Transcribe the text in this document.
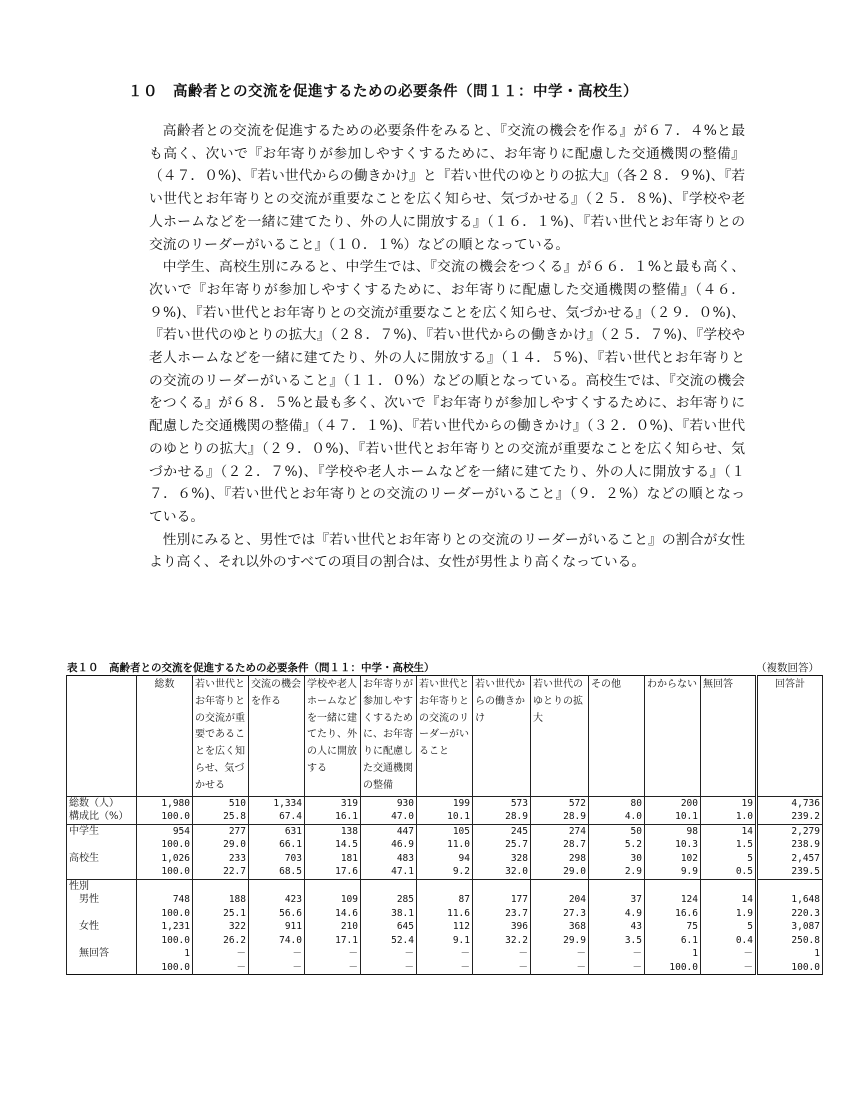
１０　高齢者との交流を促進するための必要条件（問１１：中学・高校生）

高齢者との交流を促進するための必要条件をみると、『交流の機会を作る』が６７．４%と最も高く、次いで『お年寄りが参加しやすくするために、お年寄りに配慮した交通機関の整備』（４７．０%)、『若い世代からの働きかけ』と『若い世代のゆとりの拡大』（各２８．９%)、『若い世代とお年寄りとの交流が重要なことを広く知らせ、気づかせる』（２５．８%)、『学校や老人ホームなどを一緒に建てたり、外の人に開放する』（１６．１%)、『若い世代とお年寄りとの交流のリーダーがいること』（１０．１%）などの順となっている。

中学生、高校生別にみると、中学生では、『交流の機会をつくる』が６６．１%と最も高く、次いで『お年寄りが参加しやすくするために、お年寄りに配慮した交通機関の整備』（４６．９%)、『若い世代とお年寄りとの交流が重要なことを広く知らせ、気づかせる』（２９．０%)、『若い世代のゆとりの拡大』（２８．７%)、『若い世代からの働きかけ』（２５．７%)、『学校や老人ホームなどを一緒に建てたり、外の人に開放する』（１４．５%)、『若い世代とお年寄りとの交流のリーダーがいること』（１１．０%）などの順となっている。高校生では、『交流の機会をつくる』が６８．５%と最も多く、次いで『お年寄りが参加しやすくするために、お年寄りに配慮した交通機関の整備』（４７．１%)、『若い世代からの働きかけ』（３２．０%)、『若い世代のゆとりの拡大』（２９．０%)、『若い世代とお年寄りとの交流が重要なことを広く知らせ、気づかせる』（２２．７%)、『学校や老人ホームなどを一緒に建てたり、外の人に開放する』（１７．６%)、『若い世代とお年寄りとの交流のリーダーがいること』（９．２%）などの順となっている。

性別にみると、男性では『若い世代とお年寄りとの交流のリーダーがいること』の割合が女性より高く、それ以外のすべての項目の割合は、女性が男性より高くなっている。

表１０　高齢者との交流を促進するための必要条件（問１１：中学・高校生）	（複数回答）
	総数	若い世代とお年寄りとの交流が重要であることを広く知らせ、気づかせる	交流の機会を作る	学校や老人ホームなどを一緒に建てたり、外の人に開放する	お年寄りが参加しやすくするために、お年寄りに配慮した交通機関の整備	若い世代とお年寄りとの交流のリーダーがいること	若い世代からの働きかけ	若い世代のゆとりの拡大	その他	わからない	無回答	回答計
総数（人）	1,980	510	1,334	319	930	199	573	572	80	200	19	4,736
構成比（%）	100.0	25.8	67.4	16.1	47.0	10.1	28.9	28.9	4.0	10.1	1.0	239.2
中学生	954	277	631	138	447	105	245	274	50	98	14	2,279
	100.0	29.0	66.1	14.5	46.9	11.0	25.7	28.7	5.2	10.3	1.5	238.9
高校生	1,026	233	703	181	483	94	328	298	30	102	5	2,457
	100.0	22.7	68.5	17.6	47.1	9.2	32.0	29.0	2.9	9.9	0.5	239.5
性別												
　男性	748	188	423	109	285	87	177	204	37	124	14	1,648
	100.0	25.1	56.6	14.6	38.1	11.6	23.7	27.3	4.9	16.6	1.9	220.3
　女性	1,231	322	911	210	645	112	396	368	43	75	5	3,087
	100.0	26.2	74.0	17.1	52.4	9.1	32.2	29.9	3.5	6.1	0.4	250.8
　無回答	1	－	－	－	－	－	－	－	－	1	－	1
	100.0	－	－	－	－	－	－	－	－	100.0	－	100.0
